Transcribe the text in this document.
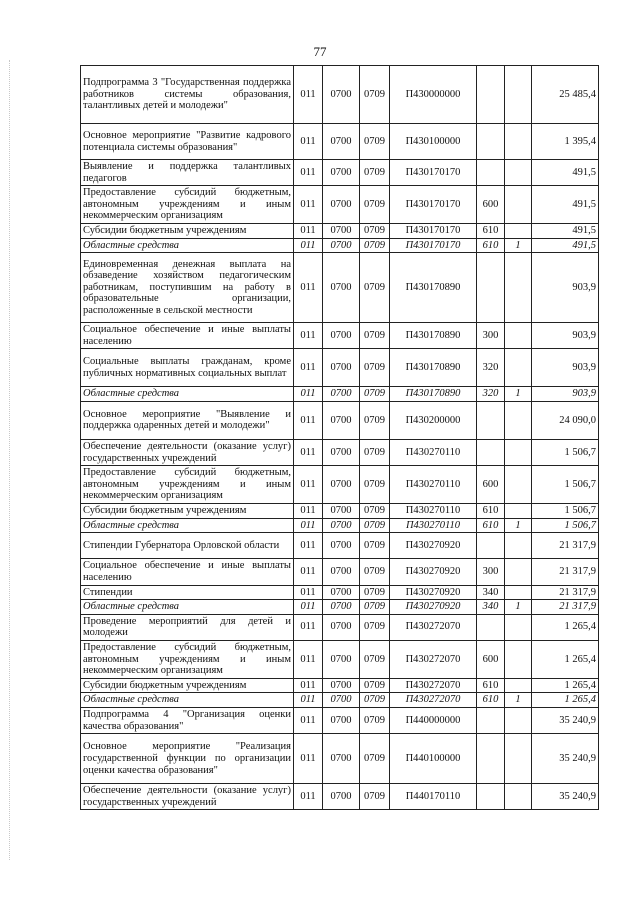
77
Подпрограмма 3 "Государственная поддержка работников системы образования, талантливых детей и молодежи"	011	0700	0709	П430000000			25 485,4
Основное мероприятие "Развитие кадрового потенциала системы образования"	011	0700	0709	П430100000			1 395,4
Выявление и поддержка талантливых педагогов	011	0700	0709	П430170170			491,5
Предоставление субсидий бюджетным, автономным учреждениям и иным некоммерческим организациям	011	0700	0709	П430170170	600		491,5
Субсидии бюджетным учреждениям	011	0700	0709	П430170170	610		491,5
Областные средства	011	0700	0709	П430170170	610	1	491,5
Единовременная денежная выплата на обзаведение хозяйством педагогическим работникам, поступившим на работу в образовательные организации, расположенные в сельской местности	011	0700	0709	П430170890			903,9
Социальное обеспечение и иные выплаты населению	011	0700	0709	П430170890	300		903,9
Социальные выплаты гражданам, кроме публичных нормативных социальных выплат	011	0700	0709	П430170890	320		903,9
Областные средства	011	0700	0709	П430170890	320	1	903,9
Основное мероприятие "Выявление и поддержка одаренных детей и молодежи"	011	0700	0709	П430200000			24 090,0
Обеспечение деятельности (оказание услуг) государственных учреждений	011	0700	0709	П430270110			1 506,7
Предоставление субсидий бюджетным, автономным учреждениям и иным некоммерческим организациям	011	0700	0709	П430270110	600		1 506,7
Субсидии бюджетным учреждениям	011	0700	0709	П430270110	610		1 506,7
Областные средства	011	0700	0709	П430270110	610	1	1 506,7
Стипендии Губернатора Орловской области	011	0700	0709	П430270920			21 317,9
Социальное обеспечение и иные выплаты населению	011	0700	0709	П430270920	300		21 317,9
Стипендии	011	0700	0709	П430270920	340		21 317,9
Областные средства	011	0700	0709	П430270920	340	1	21 317,9
Проведение мероприятий для детей и молодежи	011	0700	0709	П430272070			1 265,4
Предоставление субсидий бюджетным, автономным учреждениям и иным некоммерческим организациям	011	0700	0709	П430272070	600		1 265,4
Субсидии бюджетным учреждениям	011	0700	0709	П430272070	610		1 265,4
Областные средства	011	0700	0709	П430272070	610	1	1 265,4
Подпрограмма 4 "Организация оценки качества образования"	011	0700	0709	П440000000			35 240,9
Основное мероприятие "Реализация государственной функции по организации оценки качества образования"	011	0700	0709	П440100000			35 240,9
Обеспечение деятельности (оказание услуг) государственных учреждений	011	0700	0709	П440170110			35 240,9
